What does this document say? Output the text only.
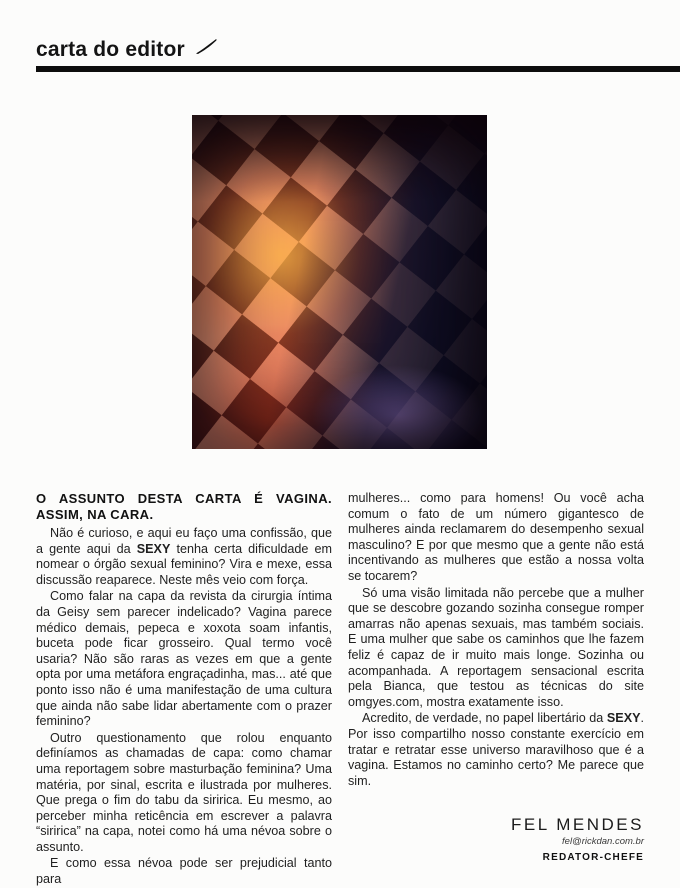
carta do editor
O ASSUNTO DESTA CARTA É VAGINA. ASSIM, NA CARA.

Não é curioso, e aqui eu faço uma confissão, que a gente aqui da SEXY tenha certa dificuldade em nomear o órgão sexual feminino? Vira e mexe, essa discussão reaparece. Neste mês veio com força.

Como falar na capa da revista da cirurgia íntima da Geisy sem parecer indelicado? Vagina parece médico demais, pepeca e xoxota soam infantis, buceta pode ficar grosseiro. Qual termo você usaria? Não são raras as vezes em que a gente opta por uma metáfora engraçadinha, mas... até que ponto isso não é uma manifestação de uma cultura que ainda não sabe lidar abertamente com o prazer feminino?

Outro questionamento que rolou enquanto definíamos as chamadas de capa: como chamar uma reportagem sobre masturbação feminina? Uma matéria, por sinal, escrita e ilustrada por mulheres. Que prega o fim do tabu da siririca. Eu mesmo, ao perceber minha reticência em escrever a palavra “siririca” na capa, notei como há uma névoa sobre o assunto.

E como essa névoa pode ser prejudicial tanto para

mulheres... como para homens! Ou você acha comum o fato de um número gigantesco de mulheres ainda reclamarem do desempenho sexual masculino? E por que mesmo que a gente não está incentivando as mulheres que estão a nossa volta se tocarem?

Só uma visão limitada não percebe que a mulher que se descobre gozando sozinha consegue romper amarras não apenas sexuais, mas também sociais. E uma mulher que sabe os caminhos que lhe fazem feliz é capaz de ir muito mais longe. Sozinha ou acompanhada. A reportagem sensacional escrita pela Bianca, que testou as técnicas do site omgyes.com, mostra exatamente isso.

Acredito, de verdade, no papel libertário da SEXY. Por isso compartilho nosso constante exercício em tratar e retratar esse universo maravilhoso que é a vagina. Estamos no caminho certo? Me parece que sim.

FEL MENDES
fel@rickdan.com.br
REDATOR-CHEFE
